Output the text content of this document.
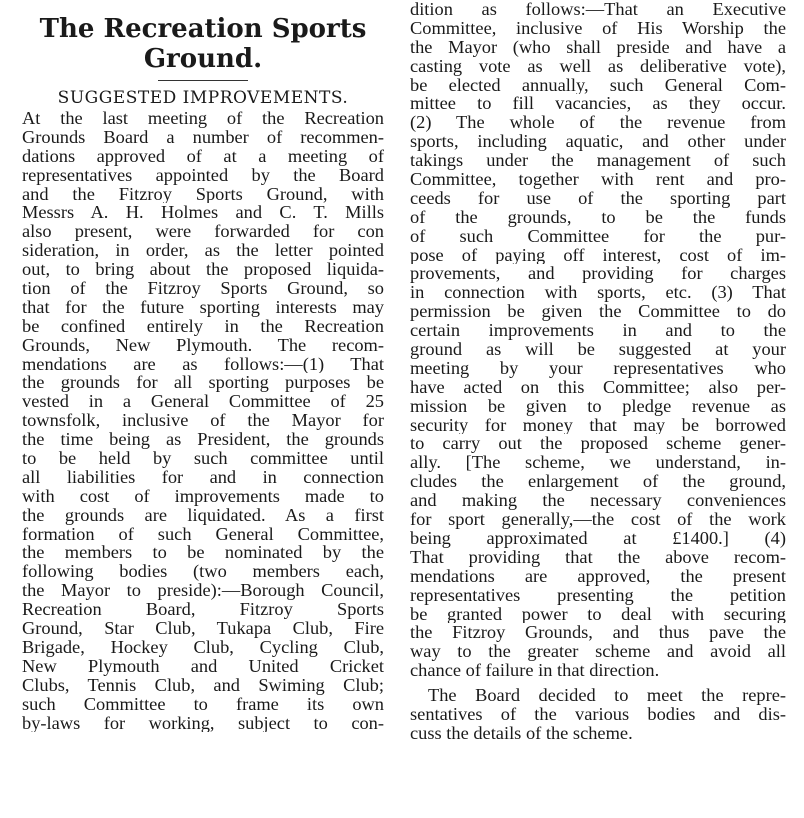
The Recreation Sports
Ground.
SUGGESTED IMPROVEMENTS.
At the last meeting of the Recreation
Grounds Board a number of recommen-
dations approved of at a meeting of
representatives appointed by the Board
and the Fitzroy Sports Ground, with
Messrs A. H. Holmes and C. T. Mills
also present, were forwarded for con
sideration, in order, as the letter pointed
out, to bring about the proposed liquida-
tion of the Fitzroy Sports Ground, so
that for the future sporting interests may
be confined entirely in the Recreation
Grounds, New Plymouth. The recom-
mendations are as follows:—(1) That
the grounds for all sporting purposes be
vested in a General Committee of 25
townsfolk, inclusive of the Mayor for
the time being as President, the grounds
to be held by such committee until
all liabilities for and in connection
with cost of improvements made to
the grounds are liquidated. As a first
formation of such General Committee,
the members to be nominated by the
following bodies (two members each,
the Mayor to preside):—Borough Council,
Recreation Board, Fitzroy Sports
Ground, Star Club, Tukapa Club, Fire
Brigade, Hockey Club, Cycling Club,
New Plymouth and United Cricket
Clubs, Tennis Club, and Swiming Club;
such Committee to frame its own
by-laws for working, subject to con-
dition as follows:—That an Executive
Committee, inclusive of His Worship the
the Mayor (who shall preside and have a
casting vote as well as deliberative vote),
be elected annually, such General Com-
mittee to fill vacancies, as they occur.
(2) The whole of the revenue from
sports, including aquatic, and other under
takings under the management of such
Committee, together with rent and pro-
ceeds for use of the sporting part
of the grounds, to be the funds
of such Committee for the pur-
pose of paying off interest, cost of im-
provements, and providing for charges
in connection with sports, etc. (3) That
permission be given the Committee to do
certain improvements in and to the
ground as will be suggested at your
meeting by your representatives who
have acted on this Committee; also per-
mission be given to pledge revenue as
security for money that may be borrowed
to carry out the proposed scheme gener-
ally. [The scheme, we understand, in-
cludes the enlargement of the ground,
and making the necessary conveniences
for sport generally,—the cost of the work
being approximated at £1400.] (4)
That providing that the above recom-
mendations are approved, the present
representatives presenting the petition
be granted power to deal with securing
the Fitzroy Grounds, and thus pave the
way to the greater scheme and avoid all
chance of failure in that direction.
The Board decided to meet the repre-
sentatives of the various bodies and dis-
cuss the details of the scheme.
